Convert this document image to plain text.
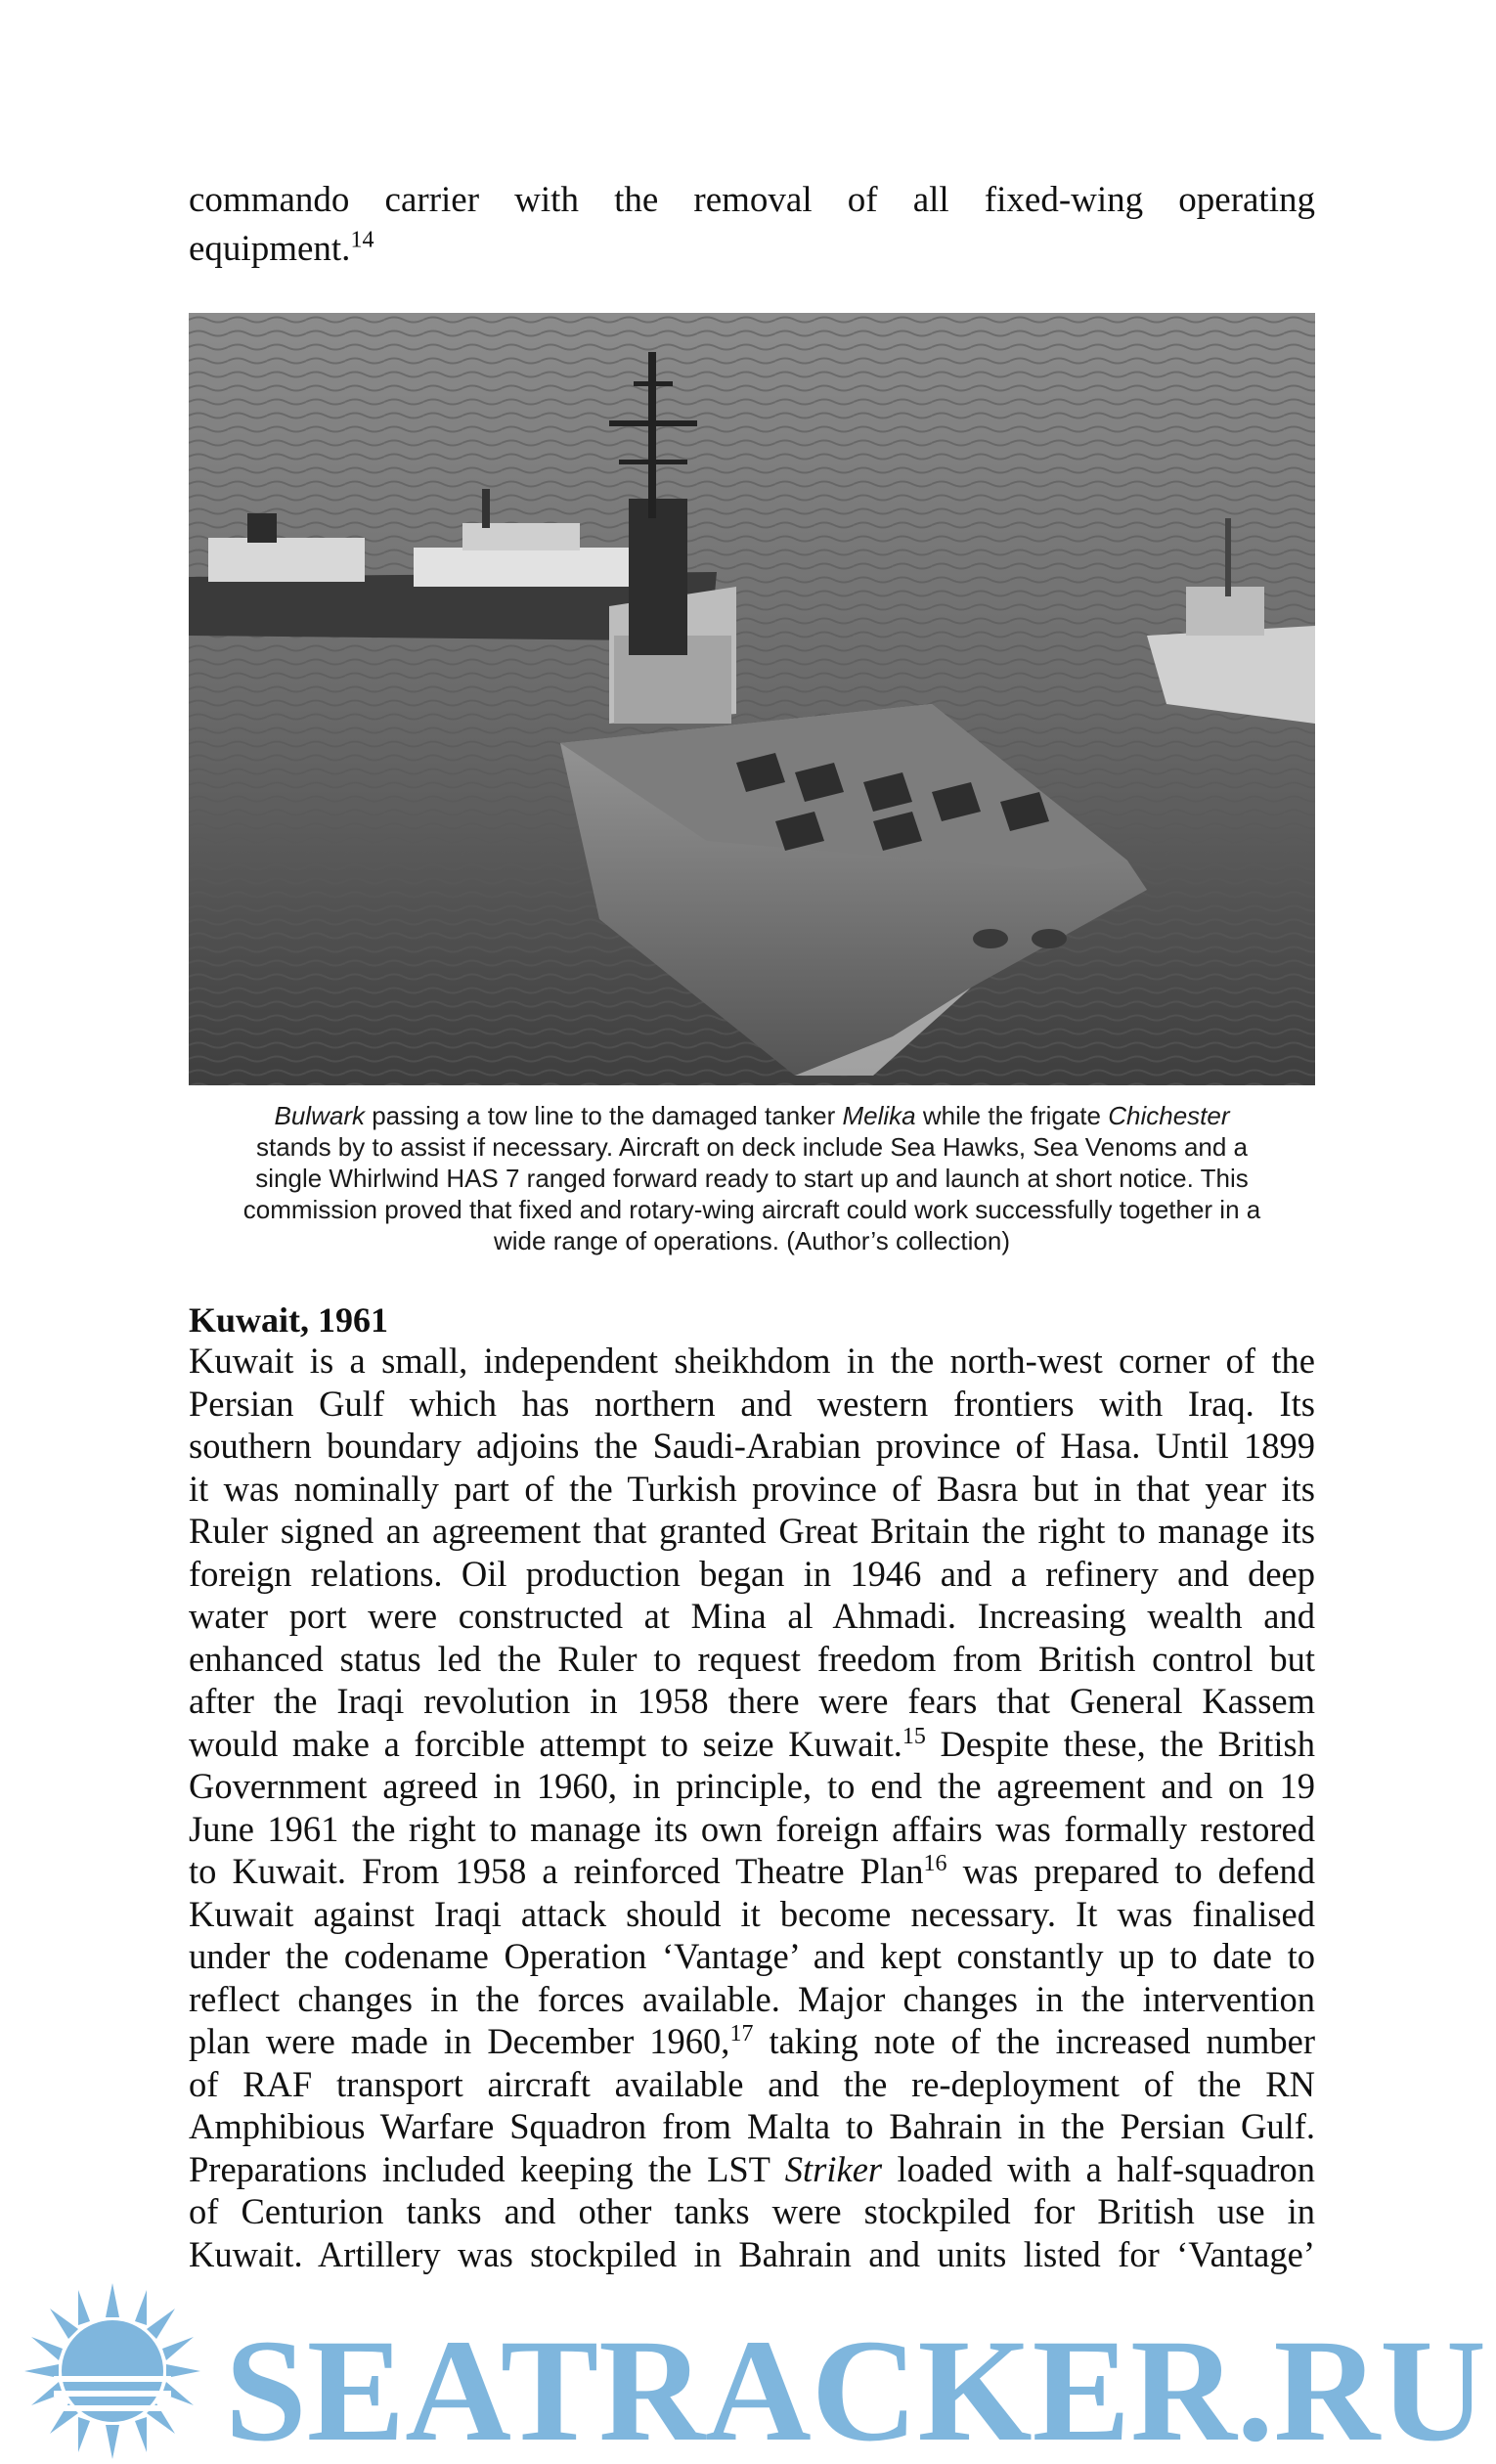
commando carrier with the removal of all fixed-wing operating
equipment.$^{14}$
Bulwark passing a tow line to the damaged tanker Melika while the frigate Chichester
stands by to assist if necessary. Aircraft on deck include Sea Hawks, Sea Venoms and a
single Whirlwind HAS 7 ranged forward ready to start up and launch at short notice. This
commission proved that fixed and rotary-wing aircraft could work successfully together in a
wide range of operations. (Author’s collection)
Kuwait, 1961
Kuwait is a small, independent sheikhdom in the north-west corner of the
Persian Gulf which has northern and western frontiers with Iraq. Its
southern boundary adjoins the Saudi-Arabian province of Hasa. Until 1899
it was nominally part of the Turkish province of Basra but in that year its
Ruler signed an agreement that granted Great Britain the right to manage its
foreign relations. Oil production began in 1946 and a refinery and deep
water port were constructed at Mina al Ahmadi. Increasing wealth and
enhanced status led the Ruler to request freedom from British control but
after the Iraqi revolution in 1958 there were fears that General Kassem
would make a forcible attempt to seize Kuwait.$^{15}$ Despite these, the British
Government agreed in 1960, in principle, to end the agreement and on 19
June 1961 the right to manage its own foreign affairs was formally restored
to Kuwait. From 1958 a reinforced Theatre Plan$^{16}$ was prepared to defend
Kuwait against Iraqi attack should it become necessary. It was finalised
under the codename Operation ‘Vantage’ and kept constantly up to date to
reflect changes in the forces available. Major changes in the intervention
plan were made in December 1960,17 taking note of the increased number
of RAF transport aircraft available and the re-deployment of the RN
Amphibious Warfare Squadron from Malta to Bahrain in the Persian Gulf.
Preparations included keeping the LST Striker loaded with a half-squadron
of Centurion tanks and other tanks were stockpiled for British use in
Kuwait. Artillery was stockpiled in Bahrain and units listed for ‘Vantage’
SEATRACKER.RU
